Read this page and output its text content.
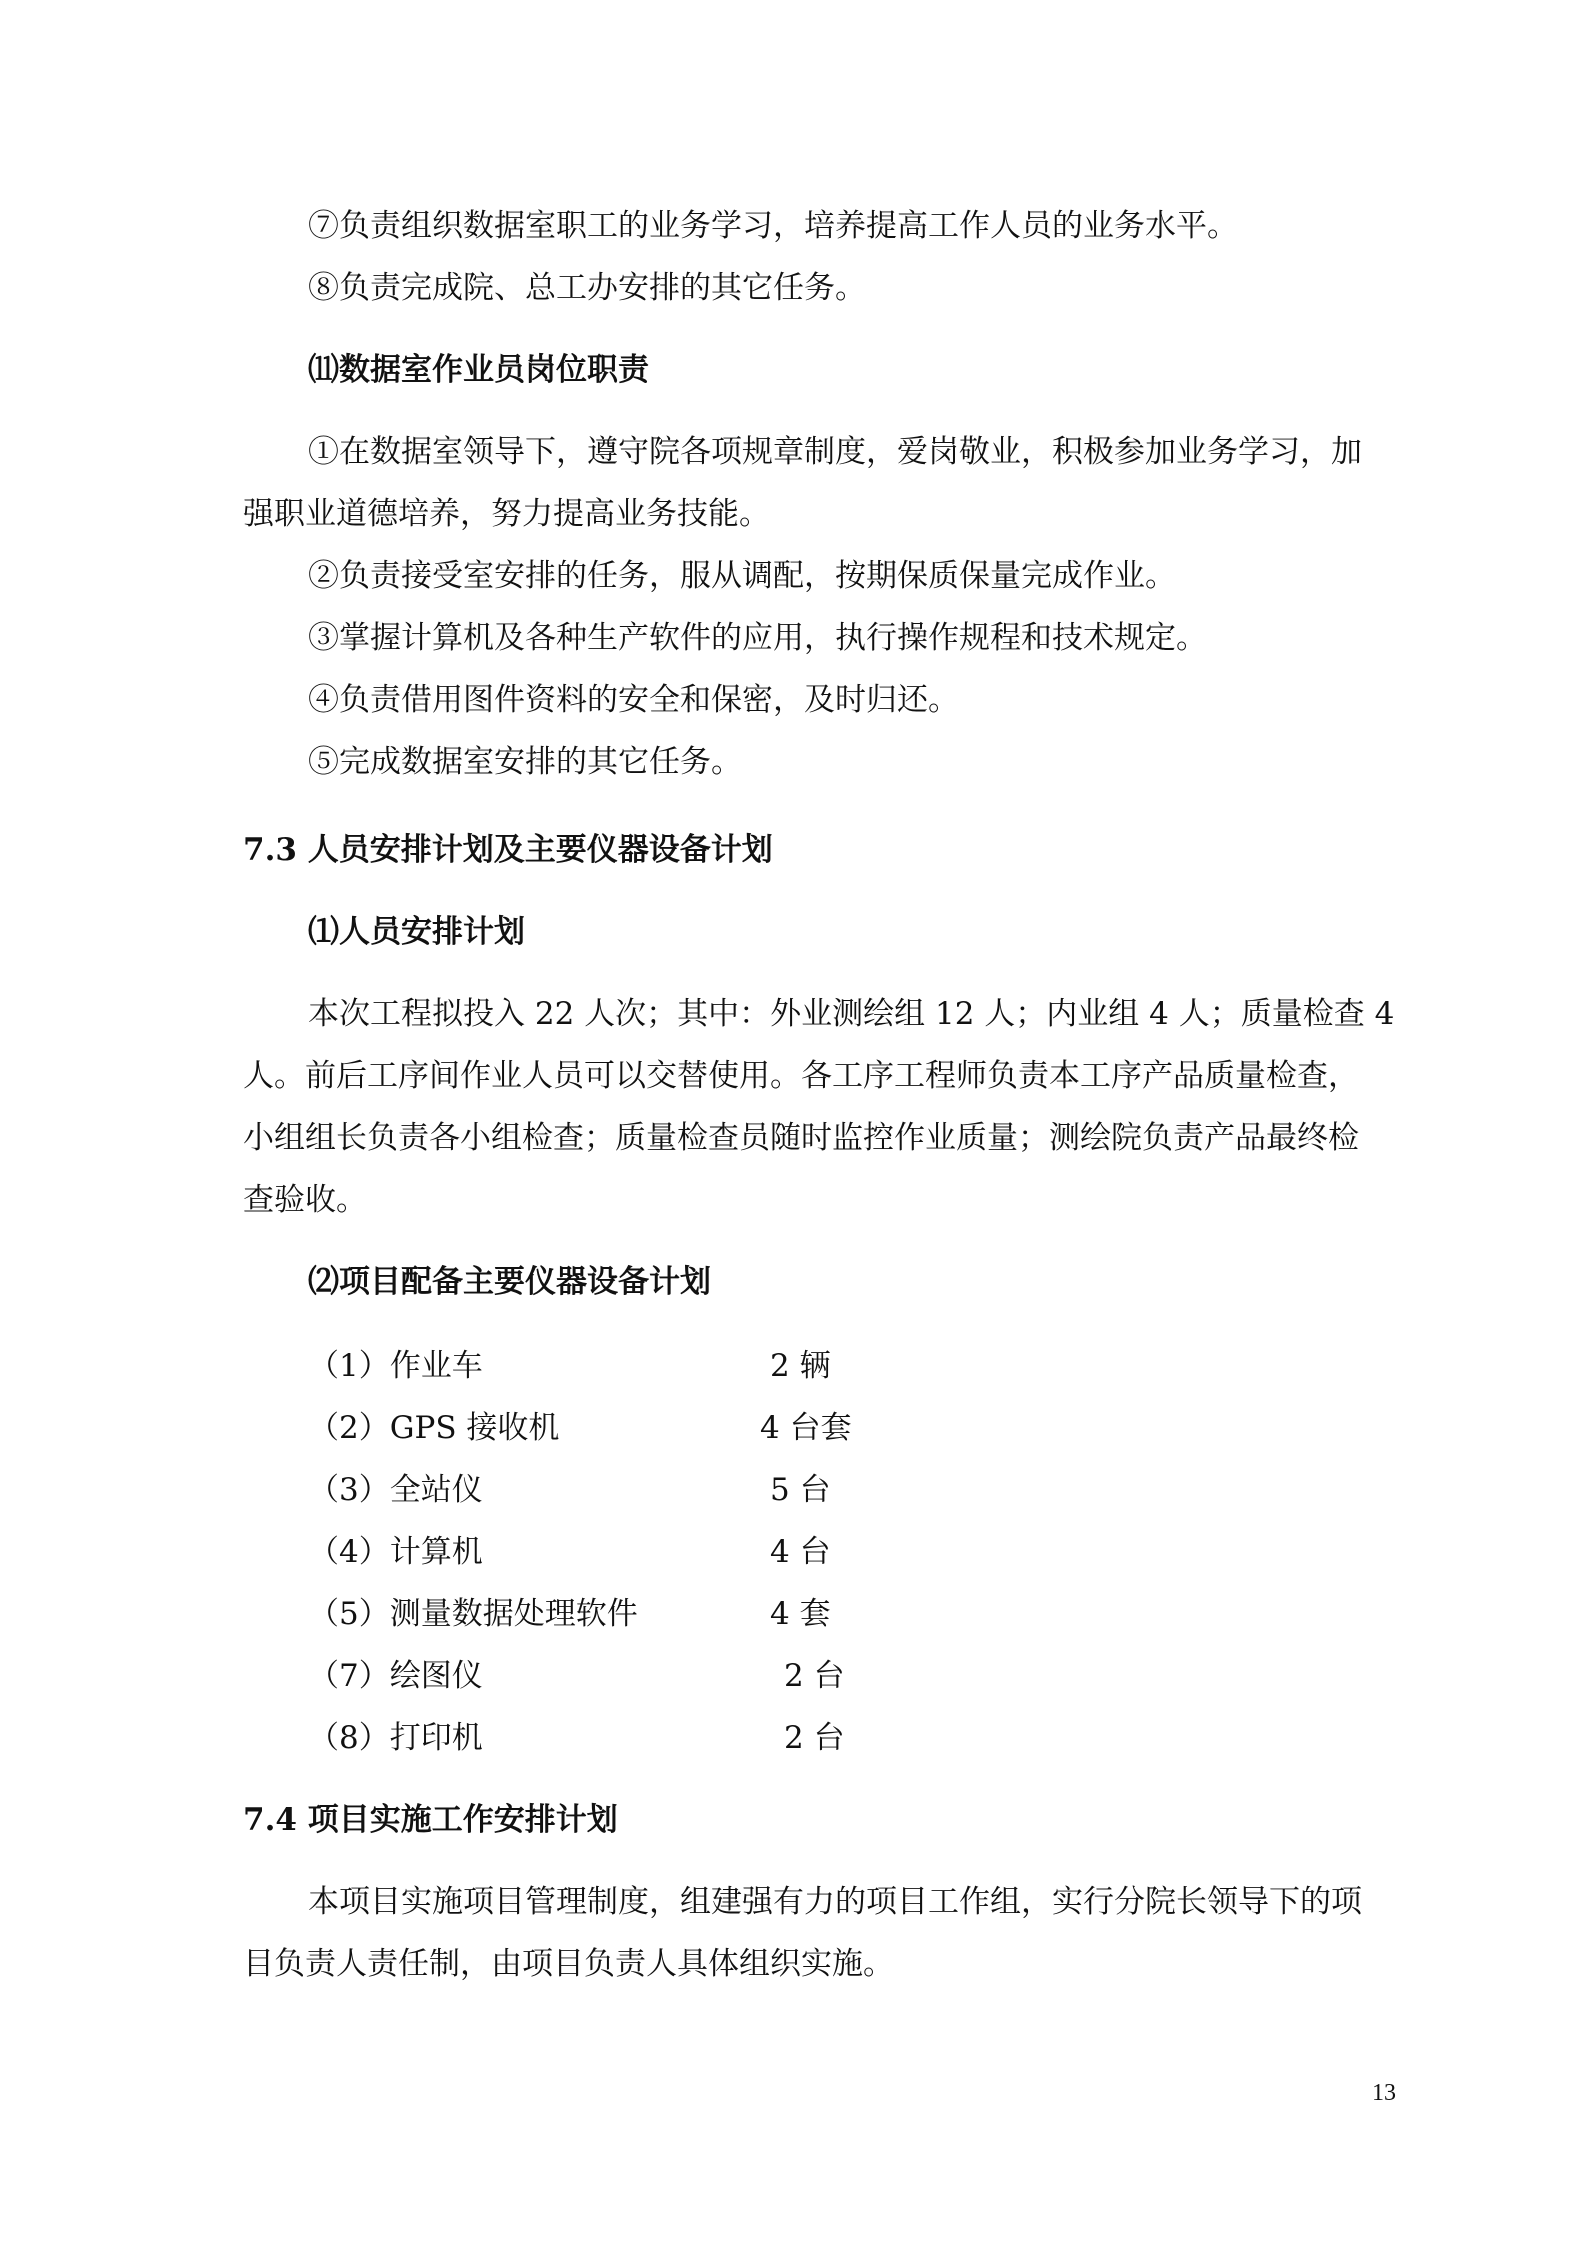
⑦负责组织数据室职工的业务学习，培养提高工作人员的业务水平。
⑧负责完成院、总工办安排的其它任务。
⑾数据室作业员岗位职责
①在数据室领导下，遵守院各项规章制度，爱岗敬业，积极参加业务学习，加
强职业道德培养，努力提高业务技能。
②负责接受室安排的任务，服从调配，按期保质保量完成作业。
③掌握计算机及各种生产软件的应用，执行操作规程和技术规定。
④负责借用图件资料的安全和保密，及时归还。
⑤完成数据室安排的其它任务。
7.3 人员安排计划及主要仪器设备计划
⑴人员安排计划
本次工程拟投入 22 人次；其中：外业测绘组 12 人；内业组 4 人；质量检查 4
人。前后工序间作业人员可以交替使用。各工序工程师负责本工序产品质量检查，
小组组长负责各小组检查；质量检查员随时监控作业质量；测绘院负责产品最终检
查验收。
⑵项目配备主要仪器设备计划
（1）作业车	2 辆
（2）GPS 接收机	4 台套
（3）全站仪	5 台
（4）计算机	4 台
（5）测量数据处理软件	4 套
（7）绘图仪	2 台
（8）打印机	2 台
7.4 项目实施工作安排计划
本项目实施项目管理制度，组建强有力的项目工作组，实行分院长领导下的项
目负责人责任制，由项目负责人具体组织实施。
13
